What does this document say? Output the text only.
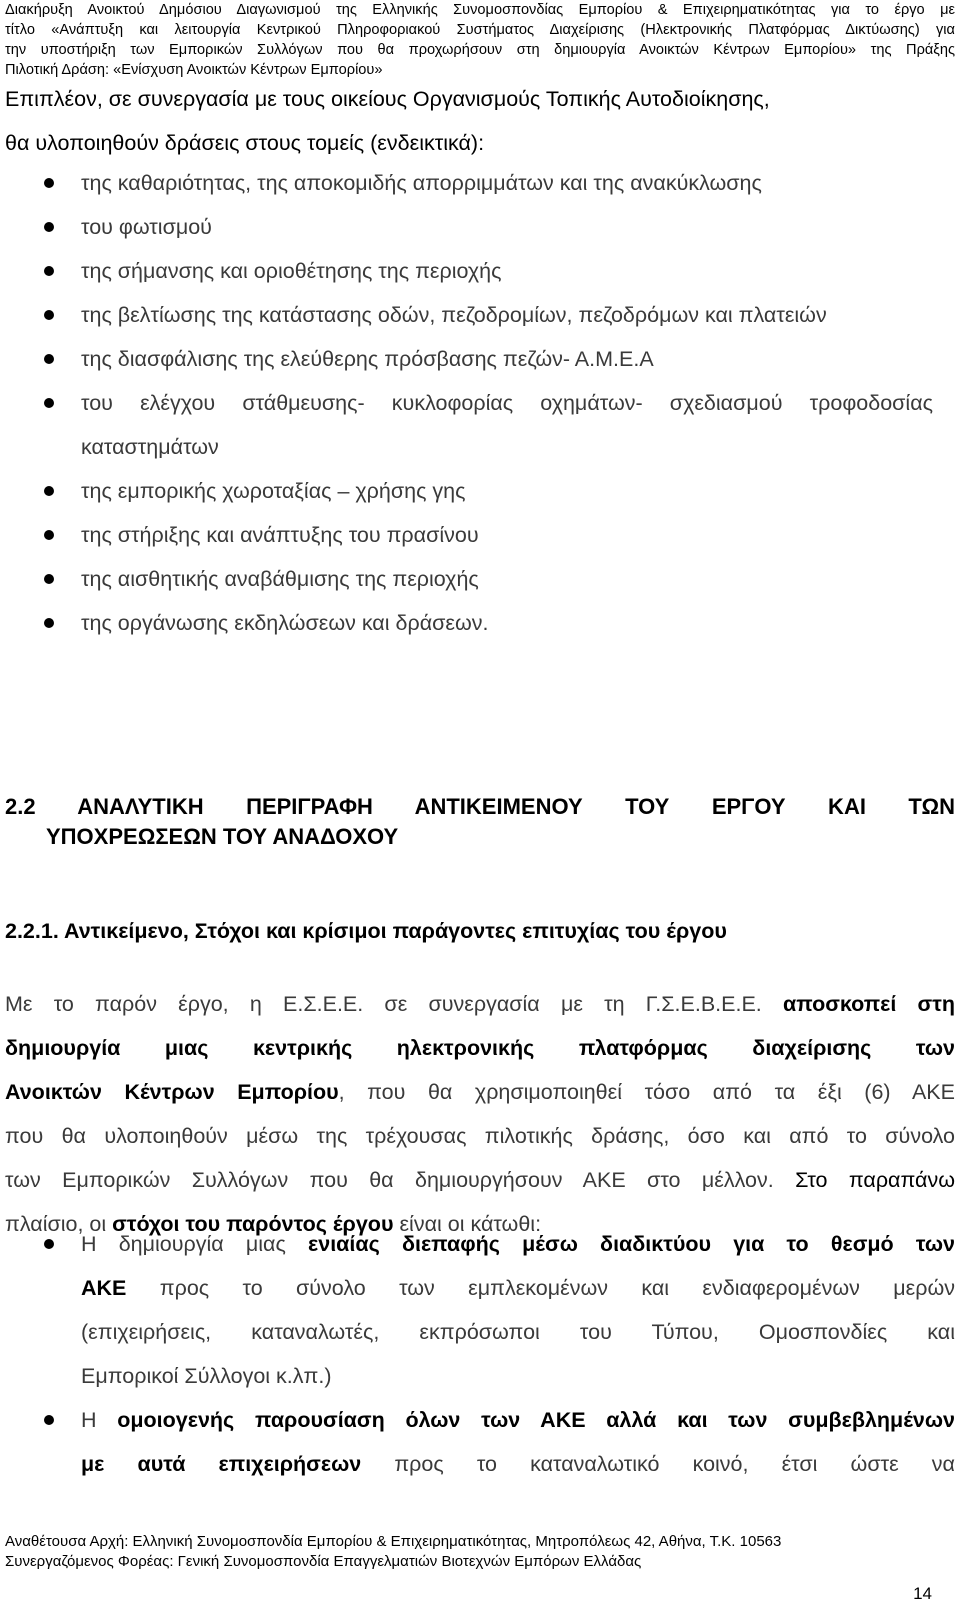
Διακήρυξη Ανοικτού Δημόσιου Διαγωνισμού της Ελληνικής Συνομοσπονδίας Εμπορίου & Επιχειρηματικότητας για το έργο με
τίτλο «Ανάπτυξη και λειτουργία Κεντρικού Πληροφοριακού Συστήματος Διαχείρισης (Ηλεκτρονικής Πλατφόρμας Δικτύωσης) για
την υποστήριξη των Εμπορικών Συλλόγων που θα προχωρήσουν στη δημιουργία Ανοικτών Κέντρων Εμπορίου» της Πράξης
Πιλοτική Δράση: «Ενίσχυση Ανοικτών Κέντρων Εμπορίου»
Επιπλέον, σε συνεργασία με τους οικείους Οργανισμούς Τοπικής Αυτοδιοίκησης,
θα υλοποιηθούν δράσεις στους τομείς (ενδεικτικά):
της καθαριότητας, της αποκομιδής απορριμμάτων και της ανακύκλωσης
του φωτισμού
της σήμανσης και οριοθέτησης της περιοχής
της βελτίωσης της κατάστασης οδών, πεζοδρομίων, πεζοδρόμων και πλατειών
της διασφάλισης της ελεύθερης πρόσβασης πεζών- Α.Μ.Ε.Α
του ελέγχου στάθμευσης- κυκλοφορίας οχημάτων- σχεδιασμού τροφοδοσίας καταστημάτων
της εμπορικής χωροταξίας – χρήσης γης
της στήριξης και ανάπτυξης του πρασίνου
της αισθητικής αναβάθμισης της περιοχής
της οργάνωσης εκδηλώσεων και δράσεων.
2.2 ΑΝΑΛΥΤΙΚΗ ΠΕΡΙΓΡΑΦΗ ΑΝΤΙΚΕΙΜΕΝΟΥ ΤΟΥ ΕΡΓΟΥ ΚΑΙ ΤΩΝ
ΥΠΟΧΡΕΩΣΕΩΝ ΤΟΥ ΑΝΑΔΟΧΟΥ
2.2.1. Αντικείμενο, Στόχοι και κρίσιμοι παράγοντες επιτυχίας του έργου
Με το παρόν έργο, η Ε.Σ.Ε.Ε. σε συνεργασία με τη Γ.Σ.Ε.Β.Ε.Ε. αποσκοπεί στη
δημιουργία μιας κεντρικής ηλεκτρονικής πλατφόρμας διαχείρισης των
Ανοικτών Κέντρων Εμπορίου, που θα χρησιμοποιηθεί τόσο από τα έξι (6) ΑΚΕ
που θα υλοποιηθούν μέσω της τρέχουσας πιλοτικής δράσης, όσο και από το σύνολο
των Εμπορικών Συλλόγων που θα δημιουργήσουν ΑΚΕ στο μέλλον. Στο παραπάνω
πλαίσιο, οι στόχοι του παρόντος έργου είναι οι κάτωθι:
Η δημιουργία μιας ενιαίας διεπαφής μέσω διαδικτύου για το θεσμό των
ΑΚΕ προς το σύνολο των εμπλεκομένων και ενδιαφερομένων μερών
(επιχειρήσεις, καταναλωτές, εκπρόσωποι του Τύπου, Ομοσπονδίες και
Εμπορικοί Σύλλογοι κ.λπ.)
Η ομοιογενής παρουσίαση όλων των ΑΚΕ αλλά και των συμβεβλημένων
με αυτά επιχειρήσεων προς το καταναλωτικό κοινό, έτσι ώστε να
Αναθέτουσα Αρχή: Ελληνική Συνομοσπονδία Εμπορίου & Επιχειρηματικότητας, Μητροπόλεως 42, Αθήνα, Τ.Κ. 10563
Συνεργαζόμενος Φορέας: Γενική Συνομοσπονδία Επαγγελματιών Βιοτεχνών Εμπόρων Ελλάδας
14
